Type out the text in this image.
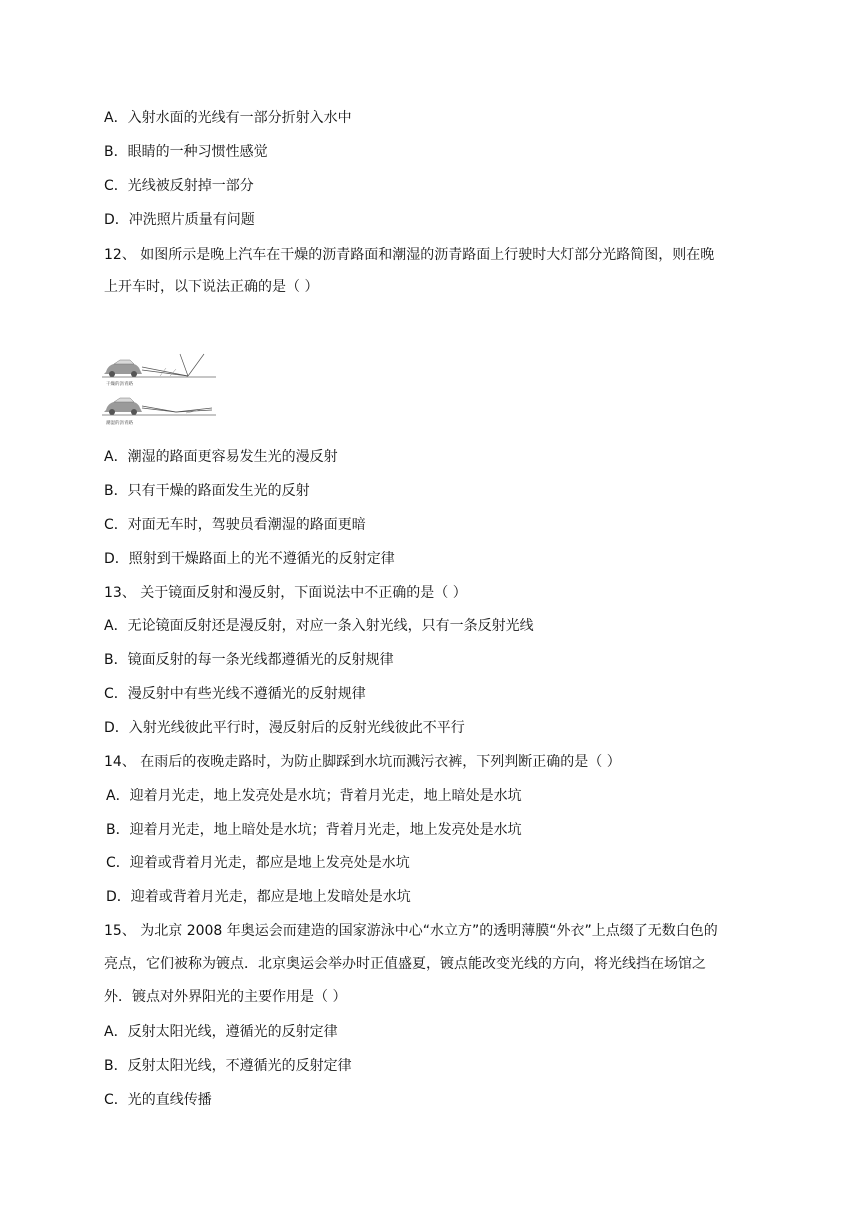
A．入射水面的光线有一部分折射入水中

B．眼睛的一种习惯性感觉

C．光线被反射掉一部分

D．冲洗照片质量有问题

12、 如图所示是晚上汽车在干燥的沥青路面和潮湿的沥青路面上行驶时大灯部分光路简图，则在晚

上开车时，以下说法正确的是（ ）

干燥的沥青路
潮湿的沥青路

A．潮湿的路面更容易发生光的漫反射

B．只有干燥的路面发生光的反射

C．对面无车时，驾驶员看潮湿的路面更暗

D．照射到干燥路面上的光不遵循光的反射定律

13、 关于镜面反射和漫反射，下面说法中不正确的是（ ）

A．无论镜面反射还是漫反射，对应一条入射光线，只有一条反射光线

B．镜面反射的每一条光线都遵循光的反射规律

C．漫反射中有些光线不遵循光的反射规律

D．入射光线彼此平行时，漫反射后的反射光线彼此不平行

14、 在雨后的夜晚走路时，为防止脚踩到水坑而溅污衣裤，下列判断正确的是（ ）

A．迎着月光走，地上发亮处是水坑；背着月光走，地上暗处是水坑

B．迎着月光走，地上暗处是水坑；背着月光走，地上发亮处是水坑

C．迎着或背着月光走，都应是地上发亮处是水坑

D．迎着或背着月光走，都应是地上发暗处是水坑

15、 为北京 2008 年奥运会而建造的国家游泳中心“水立方”的透明薄膜“外衣”上点缀了无数白色的

亮点，它们被称为镀点．北京奥运会举办时正值盛夏，镀点能改变光线的方向，将光线挡在场馆之

外．镀点对外界阳光的主要作用是（ ）

A．反射太阳光线，遵循光的反射定律

B．反射太阳光线，不遵循光的反射定律

C．光的直线传播
